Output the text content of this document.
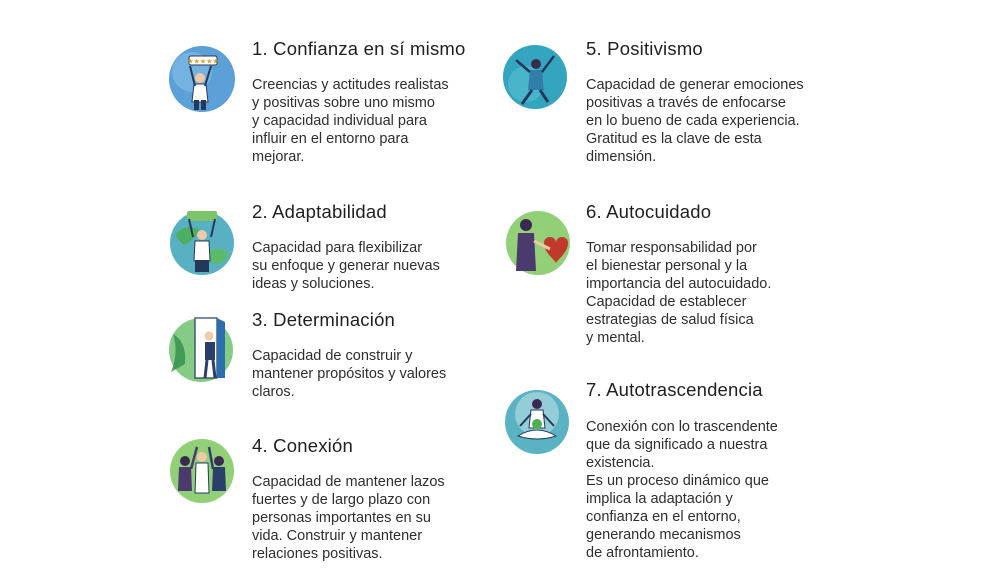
★★★★★
1. Confianza en sí mismo
Creencias y actitudes realistas
y positivas sobre uno mismo
y capacidad individual para
influir en el entorno para
mejorar.
2. Adaptabilidad
Capacidad para flexibilizar
su enfoque y generar nuevas
ideas y soluciones.
3. Determinación
Capacidad de construir y
mantener propósitos y valores
claros.
4. Conexión
Capacidad de mantener lazos
fuertes y de largo plazo con
personas importantes en su
vida. Construir y mantener
relaciones positivas.
5. Positivismo
Capacidad de generar emociones
positivas a través de enfocarse
en lo bueno de cada experiencia.
Gratitud es la clave de esta
dimensión.
6. Autocuidado
Tomar responsabilidad por
el bienestar personal y la
importancia del autocuidado.
Capacidad de establecer
estrategias de salud física
y mental.
7. Autotrascendencia
Conexión con lo trascendente
que da significado a nuestra
existencia.
Es un proceso dinámico que
implica la adaptación y
confianza en el entorno,
generando mecanismos
de afrontamiento.
